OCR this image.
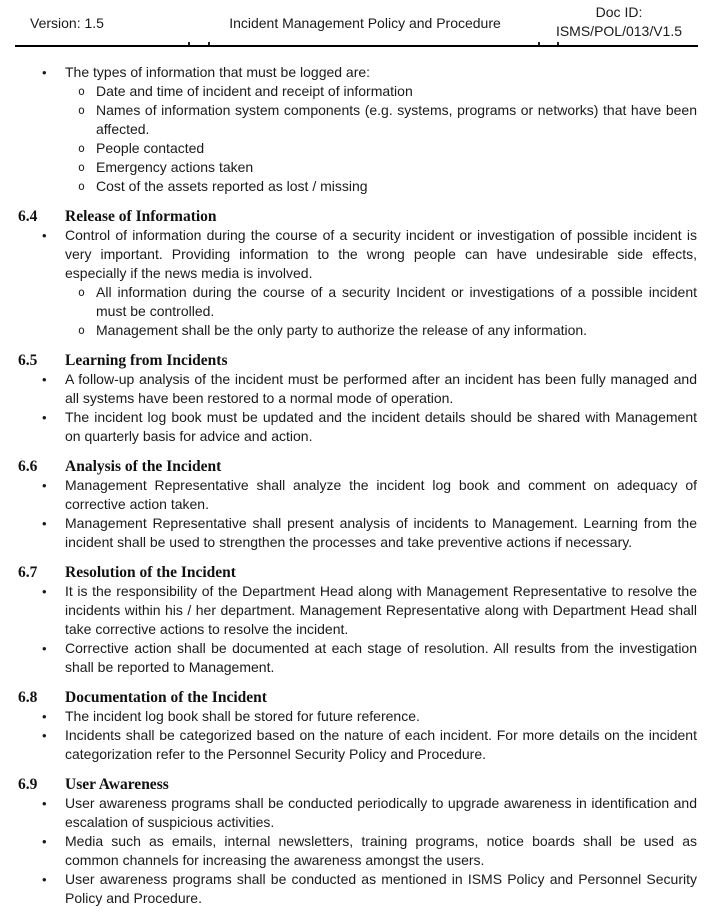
Version: 1.5	Incident Management Policy and Procedure
Doc ID:
ISMS/POL/013/V1.5
• The types of information that must be logged are:
o Date and time of incident and receipt of information
o Names of information system components (e.g. systems, programs or networks) that have been affected.
o People contacted
o Emergency actions taken
o Cost of the assets reported as lost / missing
6.4	Release of Information
• Control of information during the course of a security incident or investigation of possible incident is very important. Providing information to the wrong people can have undesirable side effects, especially if the news media is involved.
o All information during the course of a security Incident or investigations of a possible incident must be controlled.
o Management shall be the only party to authorize the release of any information.
6.5	Learning from Incidents
• A follow-up analysis of the incident must be performed after an incident has been fully managed and all systems have been restored to a normal mode of operation.
• The incident log book must be updated and the incident details should be shared with Management on quarterly basis for advice and action.
6.6	Analysis of the Incident
• Management Representative shall analyze the incident log book and comment on adequacy of corrective action taken.
• Management Representative shall present analysis of incidents to Management. Learning from the incident shall be used to strengthen the processes and take preventive actions if necessary.
6.7	Resolution of the Incident
• It is the responsibility of the Department Head along with Management Representative to resolve the incidents within his / her department. Management Representative along with Department Head shall take corrective actions to resolve the incident.
• Corrective action shall be documented at each stage of resolution. All results from the investigation shall be reported to Management.
6.8	Documentation of the Incident
• The incident log book shall be stored for future reference.
• Incidents shall be categorized based on the nature of each incident. For more details on the incident categorization refer to the Personnel Security Policy and Procedure.
6.9	User Awareness
• User awareness programs shall be conducted periodically to upgrade awareness in identification and escalation of suspicious activities.
• Media such as emails, internal newsletters, training programs, notice boards shall be used as common channels for increasing the awareness amongst the users.
• User awareness programs shall be conducted as mentioned in ISMS Policy and Personnel Security Policy and Procedure.
